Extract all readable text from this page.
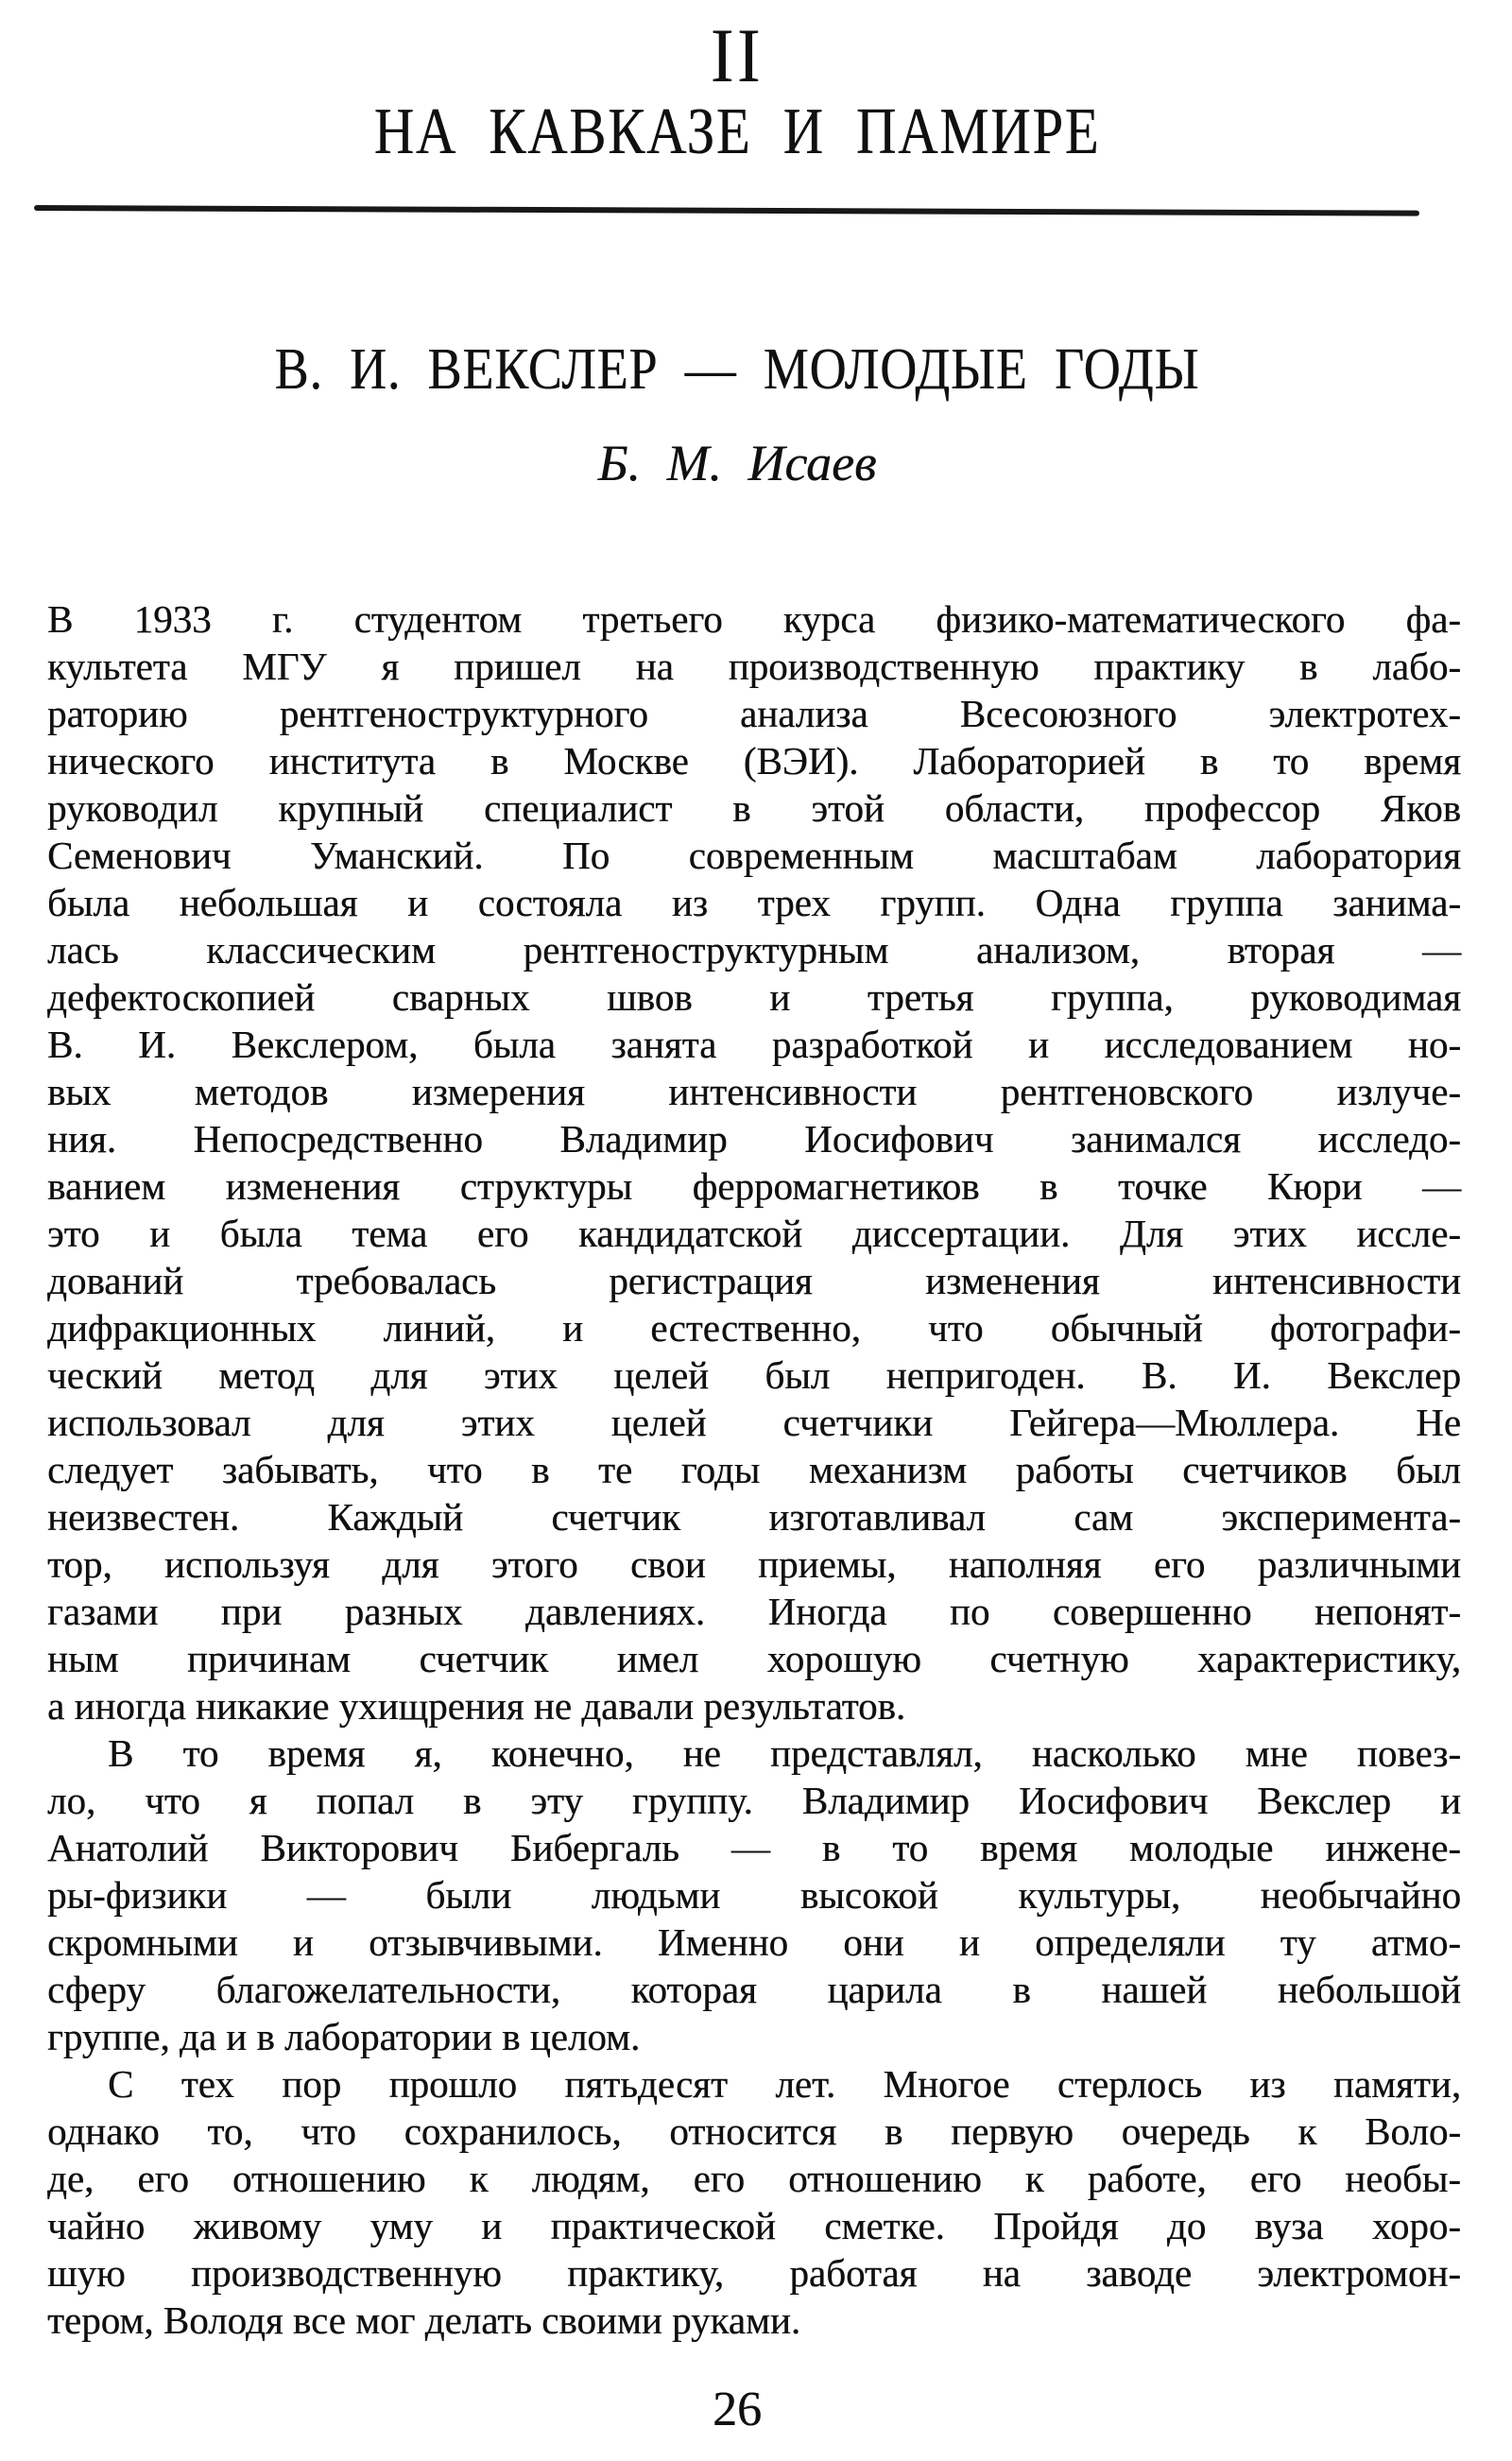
II
НА КАВКАЗЕ И ПАМИРЕ
В. И. ВЕКСЛЕР — МОЛОДЫЕ ГОДЫ
Б. М. Исаев
В 1933 г. студентом третьего курса физико-математического фа-
культета МГУ я пришел на производственную практику в лабо-
раторию рентгеноструктурного анализа Всесоюзного электротех-
нического института в Москве (ВЭИ). Лабораторией в то время
руководил крупный специалист в этой области, профессор Яков
Семенович Уманский. По современным масштабам лаборатория
была небольшая и состояла из трех групп. Одна группа занима-
лась классическим рентгеноструктурным анализом, вторая —
дефектоскопией сварных швов и третья группа, руководимая
В. И. Векслером, была занята разработкой и исследованием но-
вых методов измерения интенсивности рентгеновского излуче-
ния. Непосредственно Владимир Иосифович занимался исследо-
ванием изменения структуры ферромагнетиков в точке Кюри —
это и была тема его кандидатской диссертации. Для этих иссле-
дований требовалась регистрация изменения интенсивности
дифракционных линий, и естественно, что обычный фотографи-
ческий метод для этих целей был непригоден. В. И. Векслер
использовал для этих целей счетчики Гейгера—Мюллера. Не
следует забывать, что в те годы механизм работы счетчиков был
неизвестен. Каждый счетчик изготавливал сам эксперимента-
тор, используя для этого свои приемы, наполняя его различными
газами при разных давлениях. Иногда по совершенно непонят-
ным причинам счетчик имел хорошую счетную характеристику,
а иногда никакие ухищрения не давали результатов.
В то время я, конечно, не представлял, насколько мне повез-
ло, что я попал в эту группу. Владимир Иосифович Векслер и
Анатолий Викторович Бибергаль — в то время молодые инжене-
ры-физики — были людьми высокой культуры, необычайно
скромными и отзывчивыми. Именно они и определяли ту атмо-
сферу благожелательности, которая царила в нашей небольшой
группе, да и в лаборатории в целом.
С тех пор прошло пятьдесят лет. Многое стерлось из памяти,
однако то, что сохранилось, относится в первую очередь к Воло-
де, его отношению к людям, его отношению к работе, его необы-
чайно живому уму и практической сметке. Пройдя до вуза хоро-
шую производственную практику, работая на заводе электромон-
тером, Володя все мог делать своими руками.
26
